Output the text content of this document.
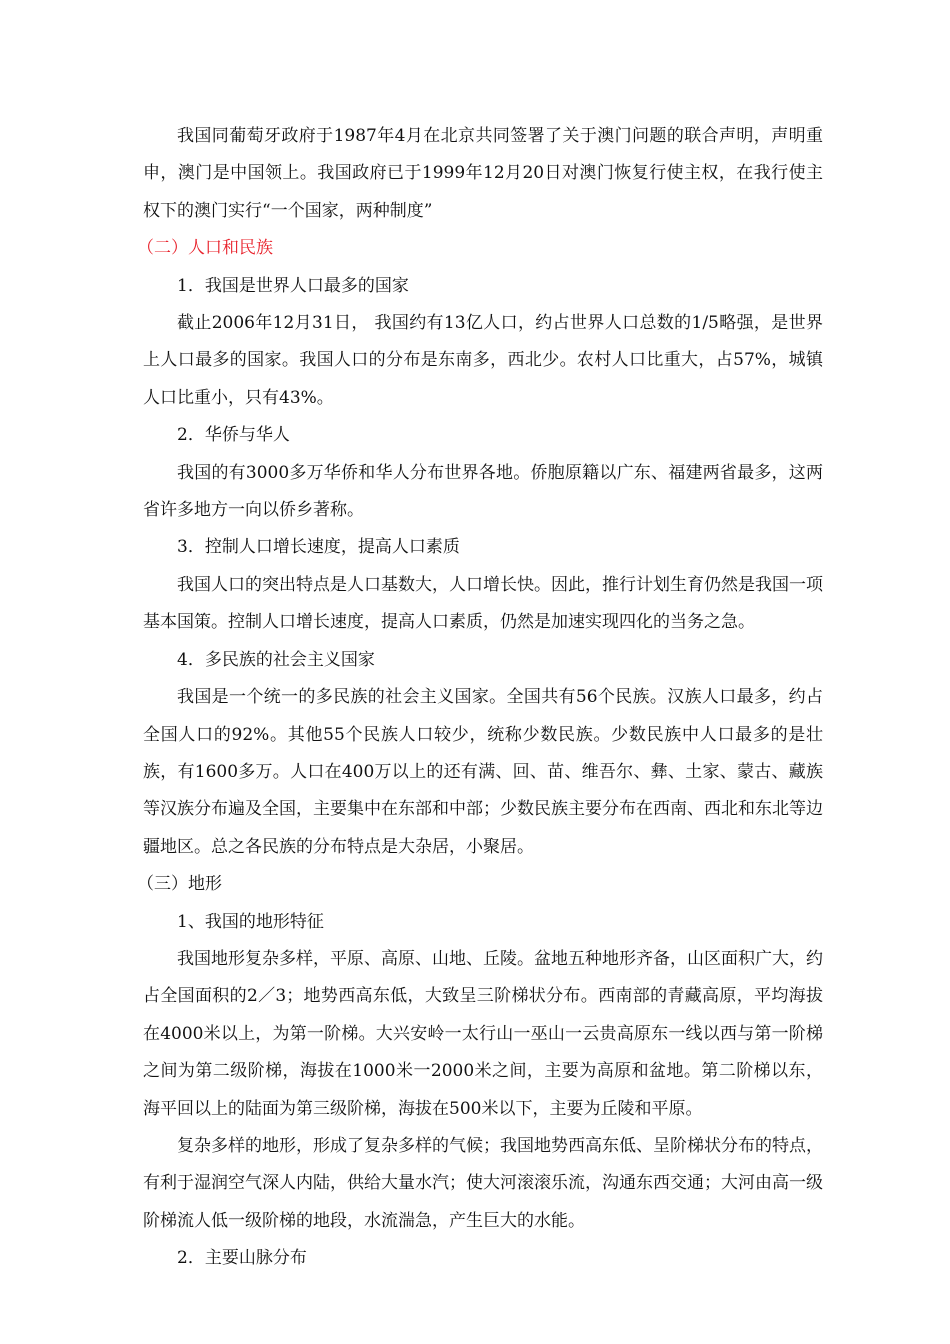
我国同葡萄牙政府于1987年4月在北京共同签署了关于澳门问题的联合声明，声明重申，澳门是中国领上。我国政府已于1999年12月20日对澳门恢复行使主权，在我行使主权下的澳门实行“一个国家，两种制度”

（二）人口和民族

1．我国是世界人口最多的国家

截止2006年12月31日， 我国约有13亿人口，约占世界人口总数的1/5略强，是世界上人口最多的国家。我国人口的分布是东南多，西北少。农村人口比重大，占57%，城镇人口比重小，只有43%。

2．华侨与华人

我国的有3000多万华侨和华人分布世界各地。侨胞原籍以广东、福建两省最多，这两省许多地方一向以侨乡著称。

3．控制人口增长速度，提高人口素质

我国人口的突出特点是人口基数大，人口增长快。因此，推行计划生育仍然是我国一项基本国策。控制人口增长速度，提高人口素质，仍然是加速实现四化的当务之急。

4．多民族的社会主义国家

我国是一个统一的多民族的社会主义国家。全国共有56个民族。汉族人口最多，约占全国人口的92%。其他55个民族人口较少，统称少数民族。少数民族中人口最多的是壮族，有1600多万。人口在400万以上的还有满、回、苗、维吾尔、彝、土家、蒙古、藏族等汉族分布遍及全国，主要集中在东部和中部；少数民族主要分布在西南、西北和东北等边疆地区。总之各民族的分布特点是大杂居，小聚居。

（三）地形

1、我国的地形特征

我国地形复杂多样，平原、高原、山地、丘陵。盆地五种地形齐备，山区面积广大，约占全国面积的2／3；地势西高东低，大致呈三阶梯状分布。西南部的青藏高原，平均海拔在4000米以上，为第一阶梯。大兴安岭一太行山一巫山一云贵高原东一线以西与第一阶梯之间为第二级阶梯，海拔在1000米一2000米之间，主要为高原和盆地。第二阶梯以东，海平回以上的陆面为第三级阶梯，海拔在500米以下，主要为丘陵和平原。

复杂多样的地形，形成了复杂多样的气候；我国地势西高东低、呈阶梯状分布的特点，有利于湿润空气深人内陆，供给大量水汽；使大河滚滚乐流，沟通东西交通；大河由高一级阶梯流人低一级阶梯的地段，水流湍急，产生巨大的水能。

2．主要山脉分布
